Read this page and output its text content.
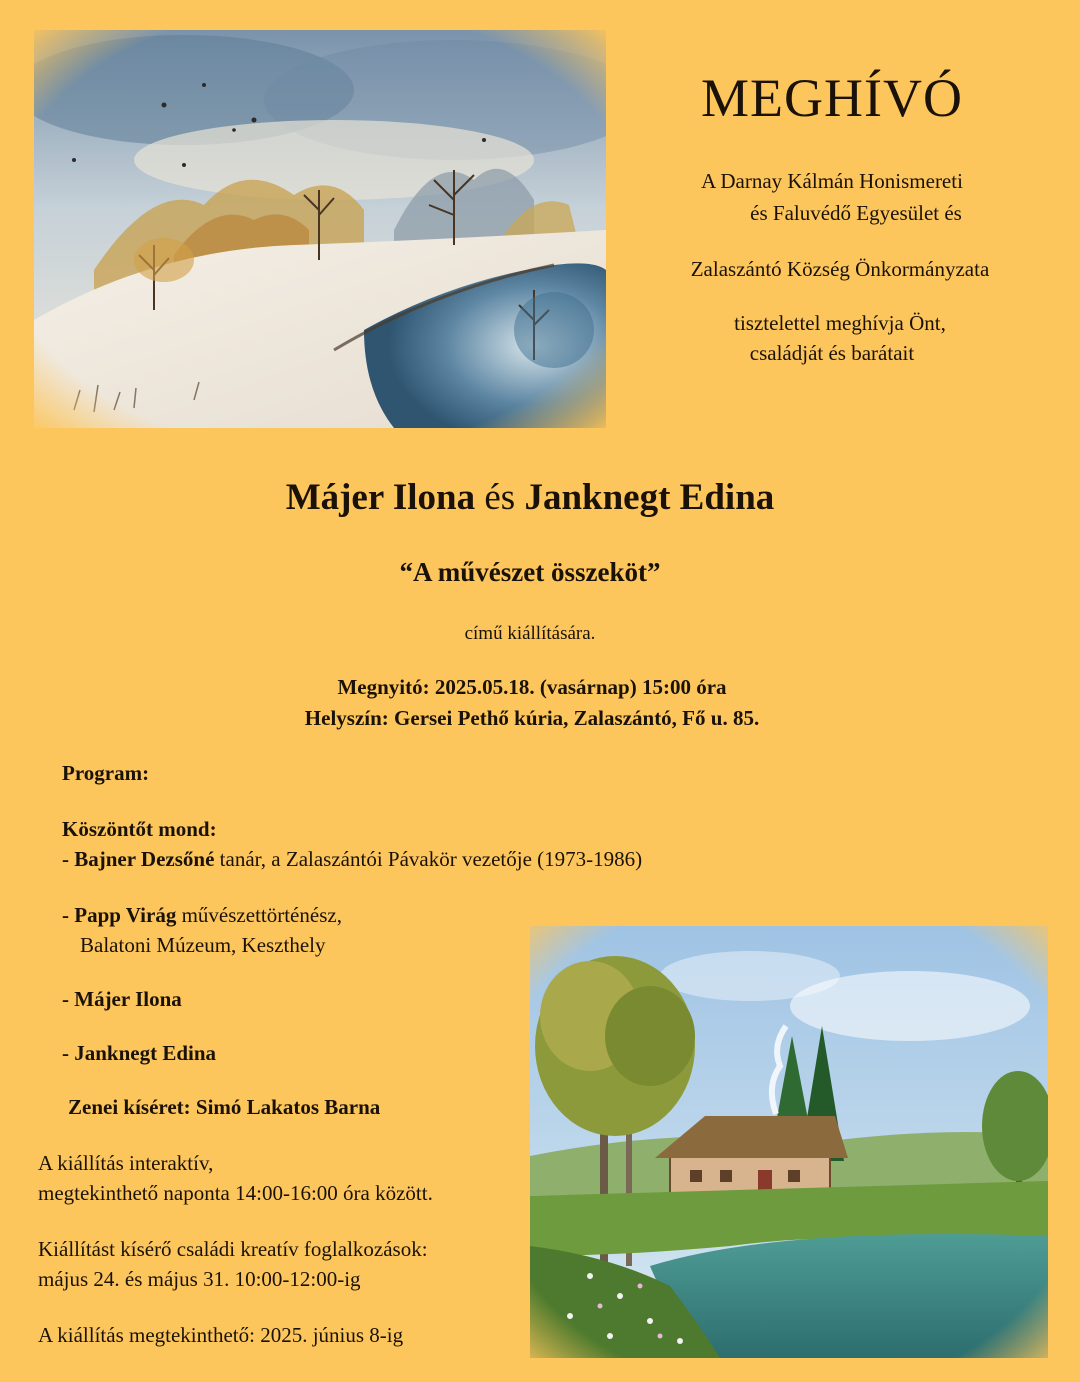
MEGHÍVÓ
A Darnay Kálmán Honismereti
és Faluvédő Egyesület és
Zalaszántó Község Önkormányzata
tisztelettel meghívja Önt,
családját és barátait
Májer Ilona és Janknegt Edina
“A művészet összeköt”
című kiállítására.
Megnyitó: 2025.05.18. (vasárnap) 15:00 óra
Helyszín: Gersei Pethő kúria, Zalaszántó, Fő u. 85.
Program:
Köszöntőt mond:
- Bajner Dezsőné tanár, a Zalaszántói Pávakör vezetője (1973-1986)
- Papp Virág művészettörténész,
Balatoni Múzeum, Keszthely
- Májer Ilona
- Janknegt Edina
Zenei kíséret: Simó Lakatos Barna
A kiállítás interaktív,
megtekinthető naponta 14:00-16:00 óra között.
Kiállítást kísérő családi kreatív foglalkozások:
május 24. és május 31. 10:00-12:00-ig
A kiállítás megtekinthető: 2025. június 8-ig
